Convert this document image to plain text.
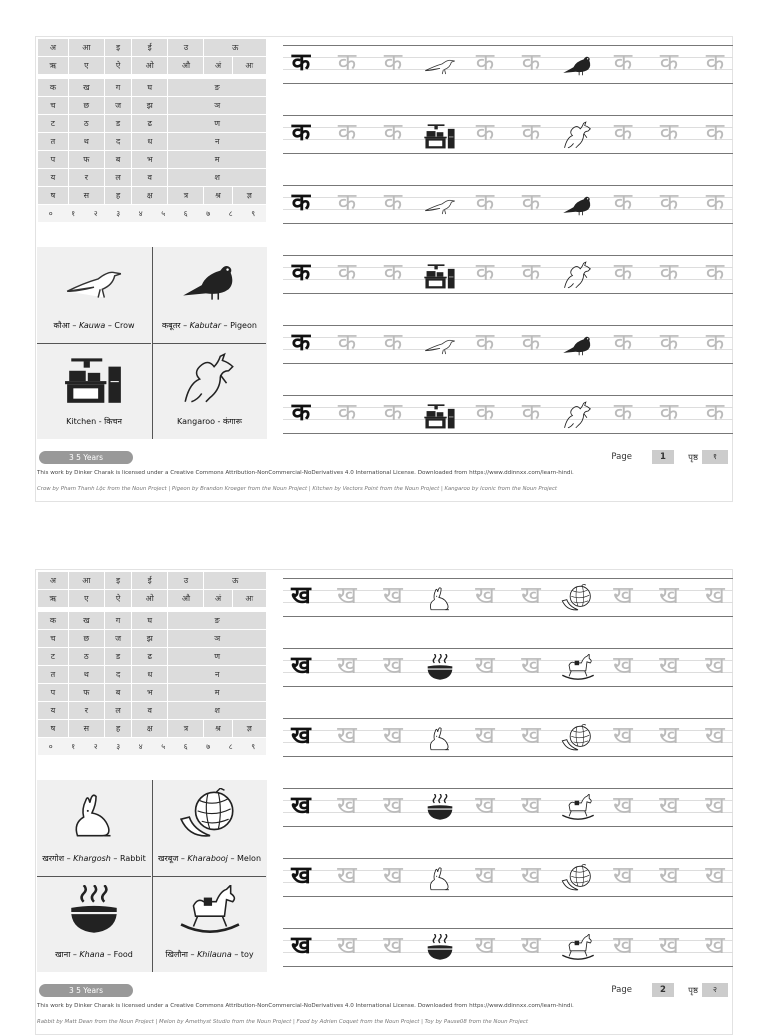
अ	आ	इ	ई	उ	ऊ	
ऋ	ए	ऐ	ओ	औ	अं	अः

क	ख	ग	घ	ङ		
च	छ	ज	झ	ञ		
ट	ठ	ड	ढ	ण		
त	थ	द	ध	न		
प	फ	ब	भ	म		
य	र	ल	व	श		
ष	स	ह	क्ष	त्र	श्र	ज्ञ
० १ २ ३ ४ ५ ६ ७ ८ ९						
कौआ – Kauwa – Crow	कबूतर – Kabutar – Pigeon
Kitchen - किचन	Kangaroo - कंगारू
क	क	क	क	क	क	क	क
क	क	क	क	क	क	क	क
क	क	क	क	क	क	क	क
क	क	क	क	क	क	क	क
क	क	क	क	क	क	क	क
क	क	क	क	क	क	क	क
3 5 Years	Page	1	पृष्ठ	१
This work by Dinker Charak is licensed under a Creative Commons Attribution-NonCommercial-NoDerivatives 4.0 International License. Downloaded from https://www.ddinnxx.com/learn-hindi.
Crow by Pham Thanh Lộc from the Noun Project | Pigeon by Brandon Kroeger from the Noun Project | Kitchen by Vectors Point from the Noun Project | Kangaroo by Iconic from the Noun Project
अ	आ	इ	ई	उ	ऊ	
ऋ	ए	ऐ	ओ	औ	अं	अः

क	ख	ग	घ	ङ		
च	छ	ज	झ	ञ		
ट	ठ	ड	ढ	ण		
त	थ	द	ध	न		
प	फ	ब	भ	म		
य	र	ल	व	श		
ष	स	ह	क्ष	त्र	श्र	ज्ञ
० १ २ ३ ४ ५ ६ ७ ८ ९						
खरगोश – Khargosh – Rabbit	खरबूज – Kharabooj – Melon
खाना – Khana – Food	खिलौना – Khilauna – toy
ख	ख	ख	ख	ख	ख	ख	ख
ख	ख	ख	ख	ख	ख	ख	ख
ख	ख	ख	ख	ख	ख	ख	ख
ख	ख	ख	ख	ख	ख	ख	ख
ख	ख	ख	ख	ख	ख	ख	ख
ख	ख	ख	ख	ख	ख	ख	ख
3 5 Years	Page	2	पृष्ठ	२
This work by Dinker Charak is licensed under a Creative Commons Attribution-NonCommercial-NoDerivatives 4.0 International License. Downloaded from https://www.ddinnxx.com/learn-hindi.
Rabbit by Matt Dean from the Noun Project | Melon by Amethyst Studio from the Noun Project | Food by Adrien Coquet from the Noun Project | Toy by Pause08 from the Noun Project
